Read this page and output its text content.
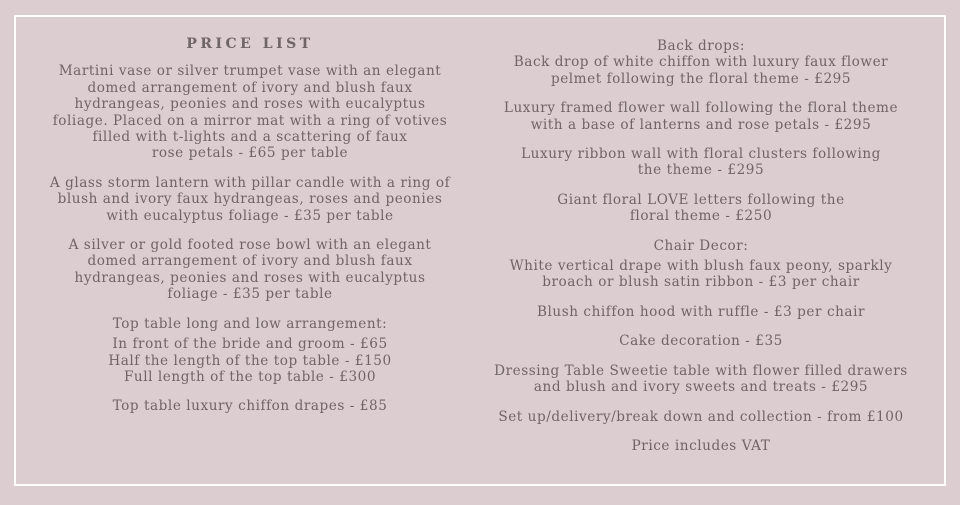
PRICE LIST
Martini vase or silver trumpet vase with an elegant
domed arrangement of ivory and blush faux
hydrangeas, peonies and roses with eucalyptus
foliage. Placed on a mirror mat with a ring of votives
filled with t-lights and a scattering of faux
rose petals - £65 per table
A glass storm lantern with pillar candle with a ring of
blush and ivory faux hydrangeas, roses and peonies
with eucalyptus foliage - £35 per table
A silver or gold footed rose bowl with an elegant
domed arrangement of ivory and blush faux
hydrangeas, peonies and roses with eucalyptus
foliage - £35 per table
Top table long and low arrangement:
In front of the bride and groom - £65
Half the length of the top table - £150
Full length of the top table - £300
Top table luxury chiffon drapes - £85
Back drops:
Back drop of white chiffon with luxury faux flower
pelmet following the floral theme - £295
Luxury framed flower wall following the floral theme
with a base of lanterns and rose petals - £295
Luxury ribbon wall with floral clusters following
the theme - £295
Giant floral LOVE letters following the
floral theme - £250
Chair Decor:
White vertical drape with blush faux peony, sparkly
broach or blush satin ribbon - £3 per chair
Blush chiffon hood with ruffle - £3 per chair
Cake decoration - £35
Dressing Table Sweetie table with flower filled drawers
and blush and ivory sweets and treats - £295
Set up/delivery/break down and collection - from £100
Price includes VAT
